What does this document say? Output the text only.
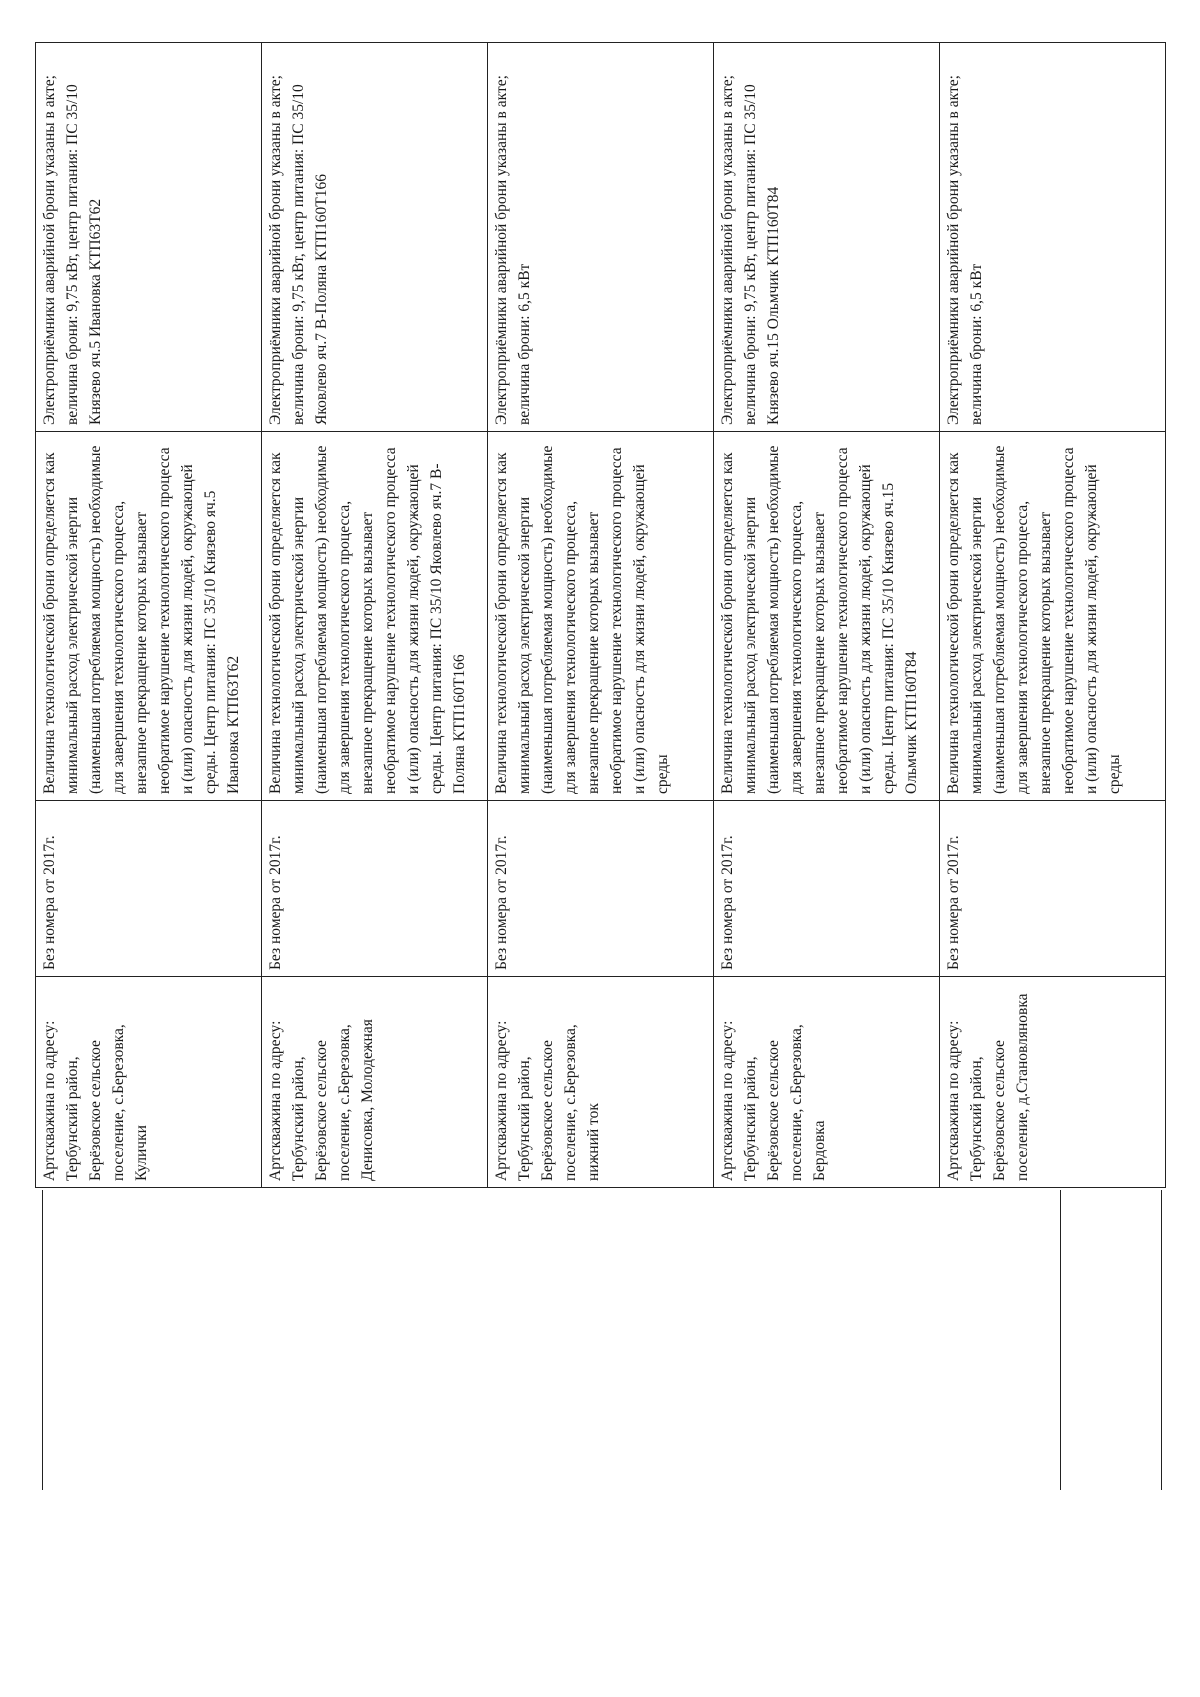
Артскважина по адресу: Тербунский район, Берёзовское сельское поселение, с.Березовка, Кулички	Без номера от 2017г.	Величина технологической брони определяется как минимальный расход электрической энергии (наименьшая потребляемая мощность) необходимые для завершения технологического процесса, внезапное прекращение которых вызывает необратимое нарушение технологического процесса и (или) опасность для жизни людей, окружающей среды. Центр питания: ПС 35/10 Князево яч.5 Ивановка КТП63Т62	Электроприёмники аварийной брони указаны в акте; величина брони: 9,75 кВт, центр питания: ПС 35/10 Князево яч.5 Ивановка КТП63Т62
Артскважина по адресу: Тербунский район, Берёзовское сельское поселение, с.Березовка, Денисовка, Молодежная	Без номера от 2017г.	Величина технологической брони определяется как минимальный расход электрической энергии (наименьшая потребляемая мощность) необходимые для завершения технологического процесса, внезапное прекращение которых вызывает необратимое нарушение технологического процесса и (или) опасность для жизни людей, окружающей среды. Центр питания: ПС 35/10 Яковлево яч.7 В-Поляна КТП160Т166	Электроприёмники аварийной брони указаны в акте; величина брони: 9,75 кВт, центр питания: ПС 35/10 Яковлево яч.7 В-Поляна КТП160Т166
Артскважина по адресу: Тербунский район, Берёзовское сельское поселение, с.Березовка, нижний ток	Без номера от 2017г.	Величина технологической брони определяется как минимальный расход электрической энергии (наименьшая потребляемая мощность) необходимые для завершения технологического процесса, внезапное прекращение которых вызывает необратимое нарушение технологического процесса и (или) опасность для жизни людей, окружающей среды	Электроприёмники аварийной брони указаны в акте; величина брони: 6,5 кВт
Артскважина по адресу: Тербунский район, Берёзовское сельское поселение, с.Березовка, Бердовка	Без номера от 2017г.	Величина технологической брони определяется как минимальный расход электрической энергии (наименьшая потребляемая мощность) необходимые для завершения технологического процесса, внезапное прекращение которых вызывает необратимое нарушение технологического процесса и (или) опасность для жизни людей, окружающей среды. Центр питания: ПС 35/10 Князево яч.15 Ольмчик КТП160Т84	Электроприёмники аварийной брони указаны в акте; величина брони: 9,75 кВт, центр питания: ПС 35/10 Князево яч.15 Ольмчик КТП160Т84
Артскважина по адресу: Тербунский район, Берёзовское сельское поселение, д.Становляновка	Без номера от 2017г.	Величина технологической брони определяется как минимальный расход электрической энергии (наименьшая потребляемая мощность) необходимые для завершения технологического процесса, внезапное прекращение которых вызывает необратимое нарушение технологического процесса и (или) опасность для жизни людей, окружающей среды	Электроприёмники аварийной брони указаны в акте; величина брони: 6,5 кВт
